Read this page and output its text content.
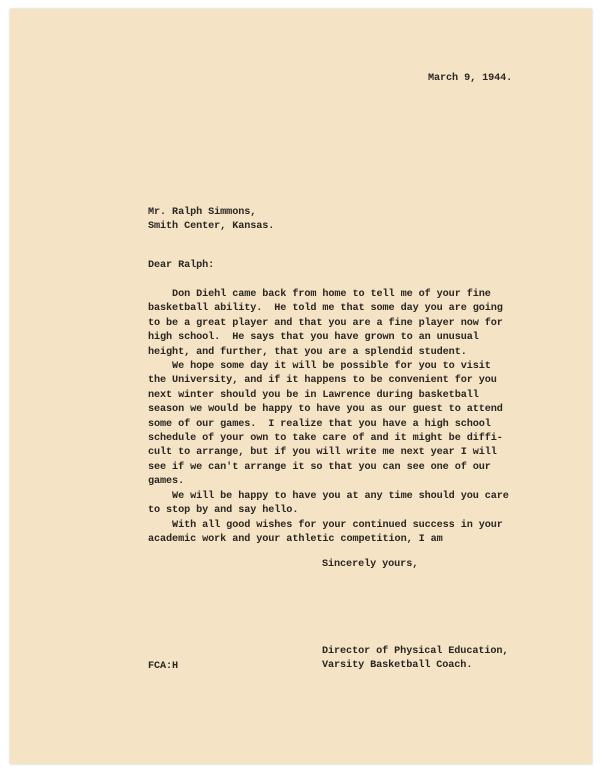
March 9, 1944.
Mr. Ralph Simmons,
Smith Center, Kansas.
Dear Ralph:
Don Diehl came back from home to tell me of your fine
basketball ability.  He told me that some day you are going
to be a great player and that you are a fine player now for
high school.  He says that you have grown to an unusual
height, and further, that you are a splendid student.
We hope some day it will be possible for you to visit
the University, and if it happens to be convenient for you
next winter should you be in Lawrence during basketball
season we would be happy to have you as our guest to attend
some of our games.  I realize that you have a high school
schedule of your own to take care of and it might be diffi-
cult to arrange, but if you will write me next year I will
see if we can't arrange it so that you can see one of our
games.
We will be happy to have you at any time should you care
to stop by and say hello.
With all good wishes for your continued success in your
academic work and your athletic competition, I am
Sincerely yours,
Director of Physical Education,
Varsity Basketball Coach.
FCA:H
